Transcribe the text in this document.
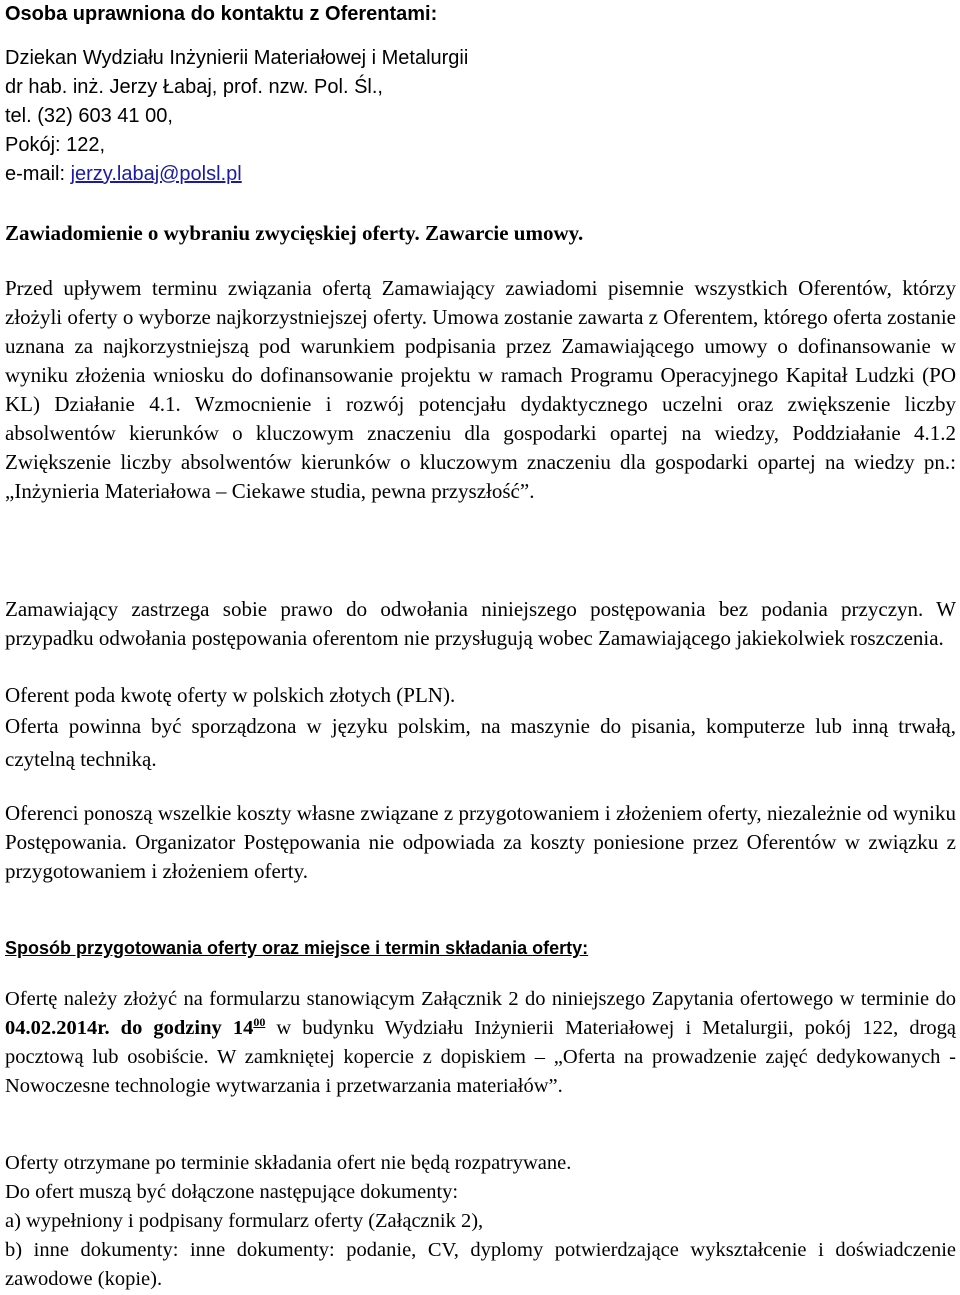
Osoba uprawniona do kontaktu z Oferentami:
Dziekan Wydziału Inżynierii Materiałowej i Metalurgii
dr hab. inż. Jerzy Łabaj, prof. nzw. Pol. Śl.,
tel. (32) 603 41 00,
Pokój: 122,
e-mail: jerzy.labaj@polsl.pl
Zawiadomienie o wybraniu zwycięskiej oferty. Zawarcie umowy.

Przed upływem terminu związania ofertą Zamawiający zawiadomi pisemnie wszystkich Oferentów, którzy złożyli oferty o wyborze najkorzystniejszej oferty. Umowa zostanie zawarta z Oferentem, którego oferta zostanie uznana za najkorzystniejszą pod warunkiem podpisania przez Zamawiającego umowy o dofinansowanie w wyniku złożenia wniosku do dofinansowanie projektu w ramach Programu Operacyjnego Kapitał Ludzki (PO KL) Działanie 4.1. Wzmocnienie i rozwój potencjału dydaktycznego uczelni oraz zwiększenie liczby absolwentów kierunków o kluczowym znaczeniu dla gospodarki opartej na wiedzy, Poddziałanie 4.1.2 Zwiększenie liczby absolwentów kierunków o kluczowym znaczeniu dla gospodarki opartej na wiedzy pn.: „Inżynieria Materiałowa – Ciekawe studia, pewna przyszłość”.

Zamawiający zastrzega sobie prawo do odwołania niniejszego postępowania bez podania przyczyn. W przypadku odwołania postępowania oferentom nie przysługują wobec Zamawiającego jakiekolwiek roszczenia.

Oferent poda kwotę oferty w polskich złotych (PLN).

Oferta powinna być sporządzona w języku polskim, na maszynie do pisania, komputerze lub inną trwałą, czytelną techniką.

Oferenci ponoszą wszelkie koszty własne związane z przygotowaniem i złożeniem oferty, niezależnie od wyniku Postępowania. Organizator Postępowania nie odpowiada za koszty poniesione przez Oferentów w związku z przygotowaniem i złożeniem oferty.

Sposób przygotowania oferty oraz miejsce i termin składania oferty:

Ofertę należy złożyć na formularzu stanowiącym Załącznik 2 do niniejszego Zapytania ofertowego w terminie do 04.02.2014r. do godziny $14^{00}$ w budynku Wydziału Inżynierii Materiałowej i Metalurgii, pokój 122, drogą pocztową lub osobiście. W zamkniętej kopercie z dopiskiem – „Oferta na prowadzenie zajęć dedykowanych - Nowoczesne technologie wytwarzania i przetwarzania materiałów”.

Oferty otrzymane po terminie składania ofert nie będą rozpatrywane.

Do ofert muszą być dołączone następujące dokumenty:

a) wypełniony i podpisany formularz oferty (Załącznik 2),

b) inne dokumenty: inne dokumenty: podanie, CV, dyplomy potwierdzające wykształcenie i doświadczenie zawodowe (kopie).
